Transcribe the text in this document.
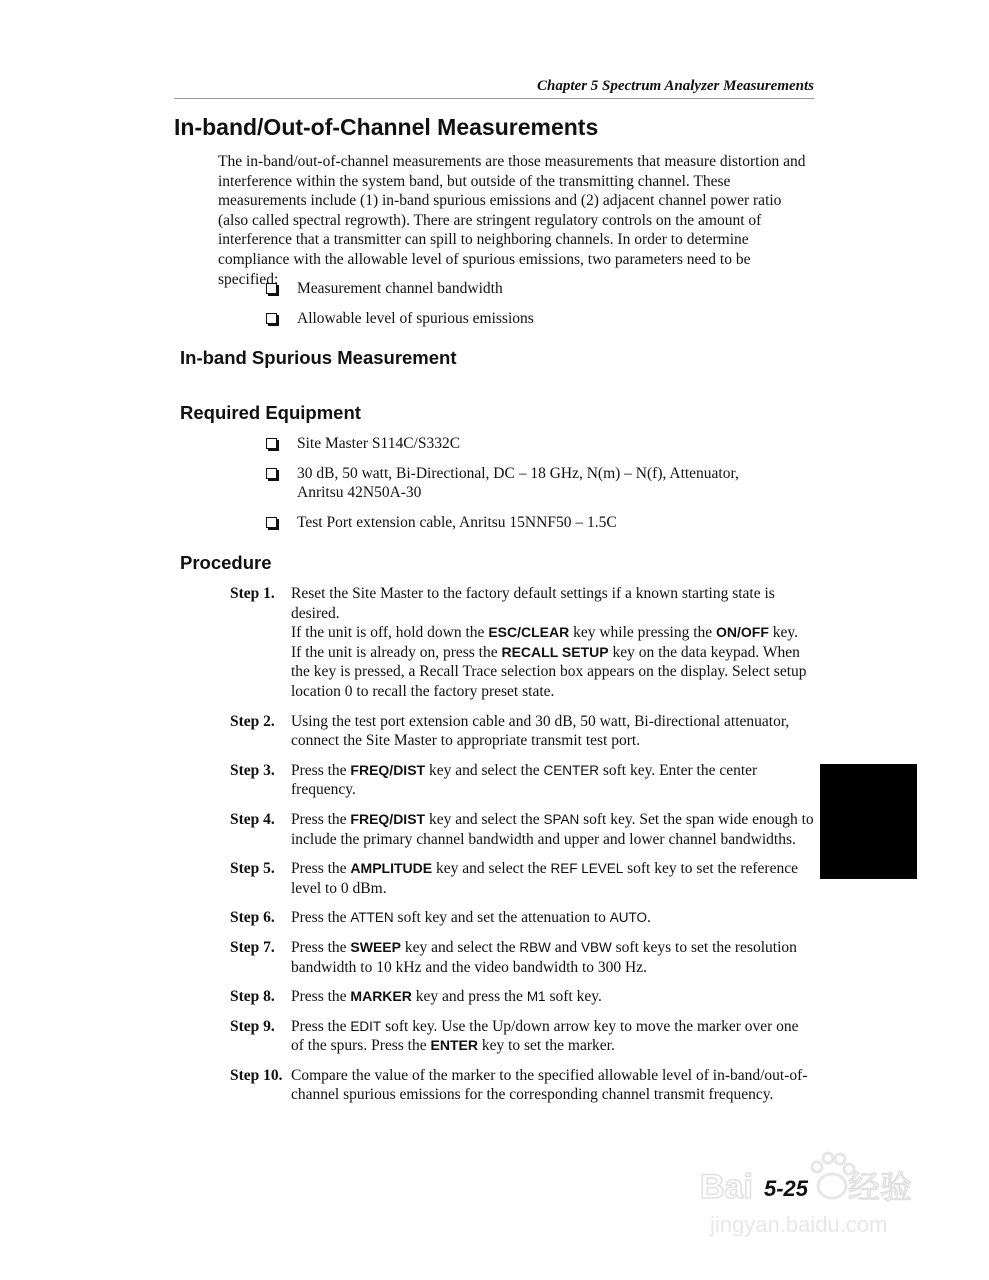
Chapter 5 Spectrum Analyzer Measurements
In-band/Out-of-Channel Measurements

The in-band/out-of-channel measurements are those measurements that measure distortion and interference within the system band, but outside of the transmitting channel. These measurements include (1) in-band spurious emissions and (2) adjacent channel power ratio (also called spectral regrowth). There are stringent regulatory controls on the amount of interference that a transmitter can spill to neighboring channels. In order to determine compliance with the allowable level of spurious emissions, two parameters need to be specified:

Measurement channel bandwidth
Allowable level of spurious emissions
In-band Spurious Measurement
Required Equipment
Site Master S114C/S332C
30 dB, 50 watt, Bi-Directional, DC – 18 GHz, N(m) – N(f), Attenuator, Anritsu 42N50A-30
Test Port extension cable, Anritsu 15NNF50 – 1.5C
Procedure
Step 1.	Reset the Site Master to the factory default settings if a known starting state is desired.
If the unit is off, hold down the ESC/CLEAR key while pressing the ON/OFF key.
If the unit is already on, press the RECALL SETUP key on the data keypad. When the key is pressed, a Recall Trace selection box appears on the display. Select setup location 0 to recall the factory preset state.
Step 2.	Using the test port extension cable and 30 dB, 50 watt, Bi-directional attenuator, connect the Site Master to appropriate transmit test port.
Step 3.	Press the FREQ/DIST key and select the CENTER soft key. Enter the center frequency.
Step 4.	Press the FREQ/DIST key and select the SPAN soft key. Set the span wide enough to include the primary channel bandwidth and upper and lower channel bandwidths.
Step 5.	Press the AMPLITUDE key and select the REF LEVEL soft key to set the reference level to 0 dBm.
Step 6.	Press the ATTEN soft key and set the attenuation to AUTO.
Step 7.	Press the SWEEP key and select the RBW and VBW soft keys to set the resolution bandwidth to 10 kHz and the video bandwidth to 300 Hz.
Step 8.	Press the MARKER key and press the M1 soft key.
Step 9.	Press the EDIT soft key. Use the Up/down arrow key to move the marker over one of the spurs. Press the ENTER key to set the marker.
Step 10. Compare the value of the marker to the specified allowable level of in-band/out-of-channel spurious emissions for the corresponding channel transmit frequency.
Bai	经验
jingyan.baidu.com
5-25
